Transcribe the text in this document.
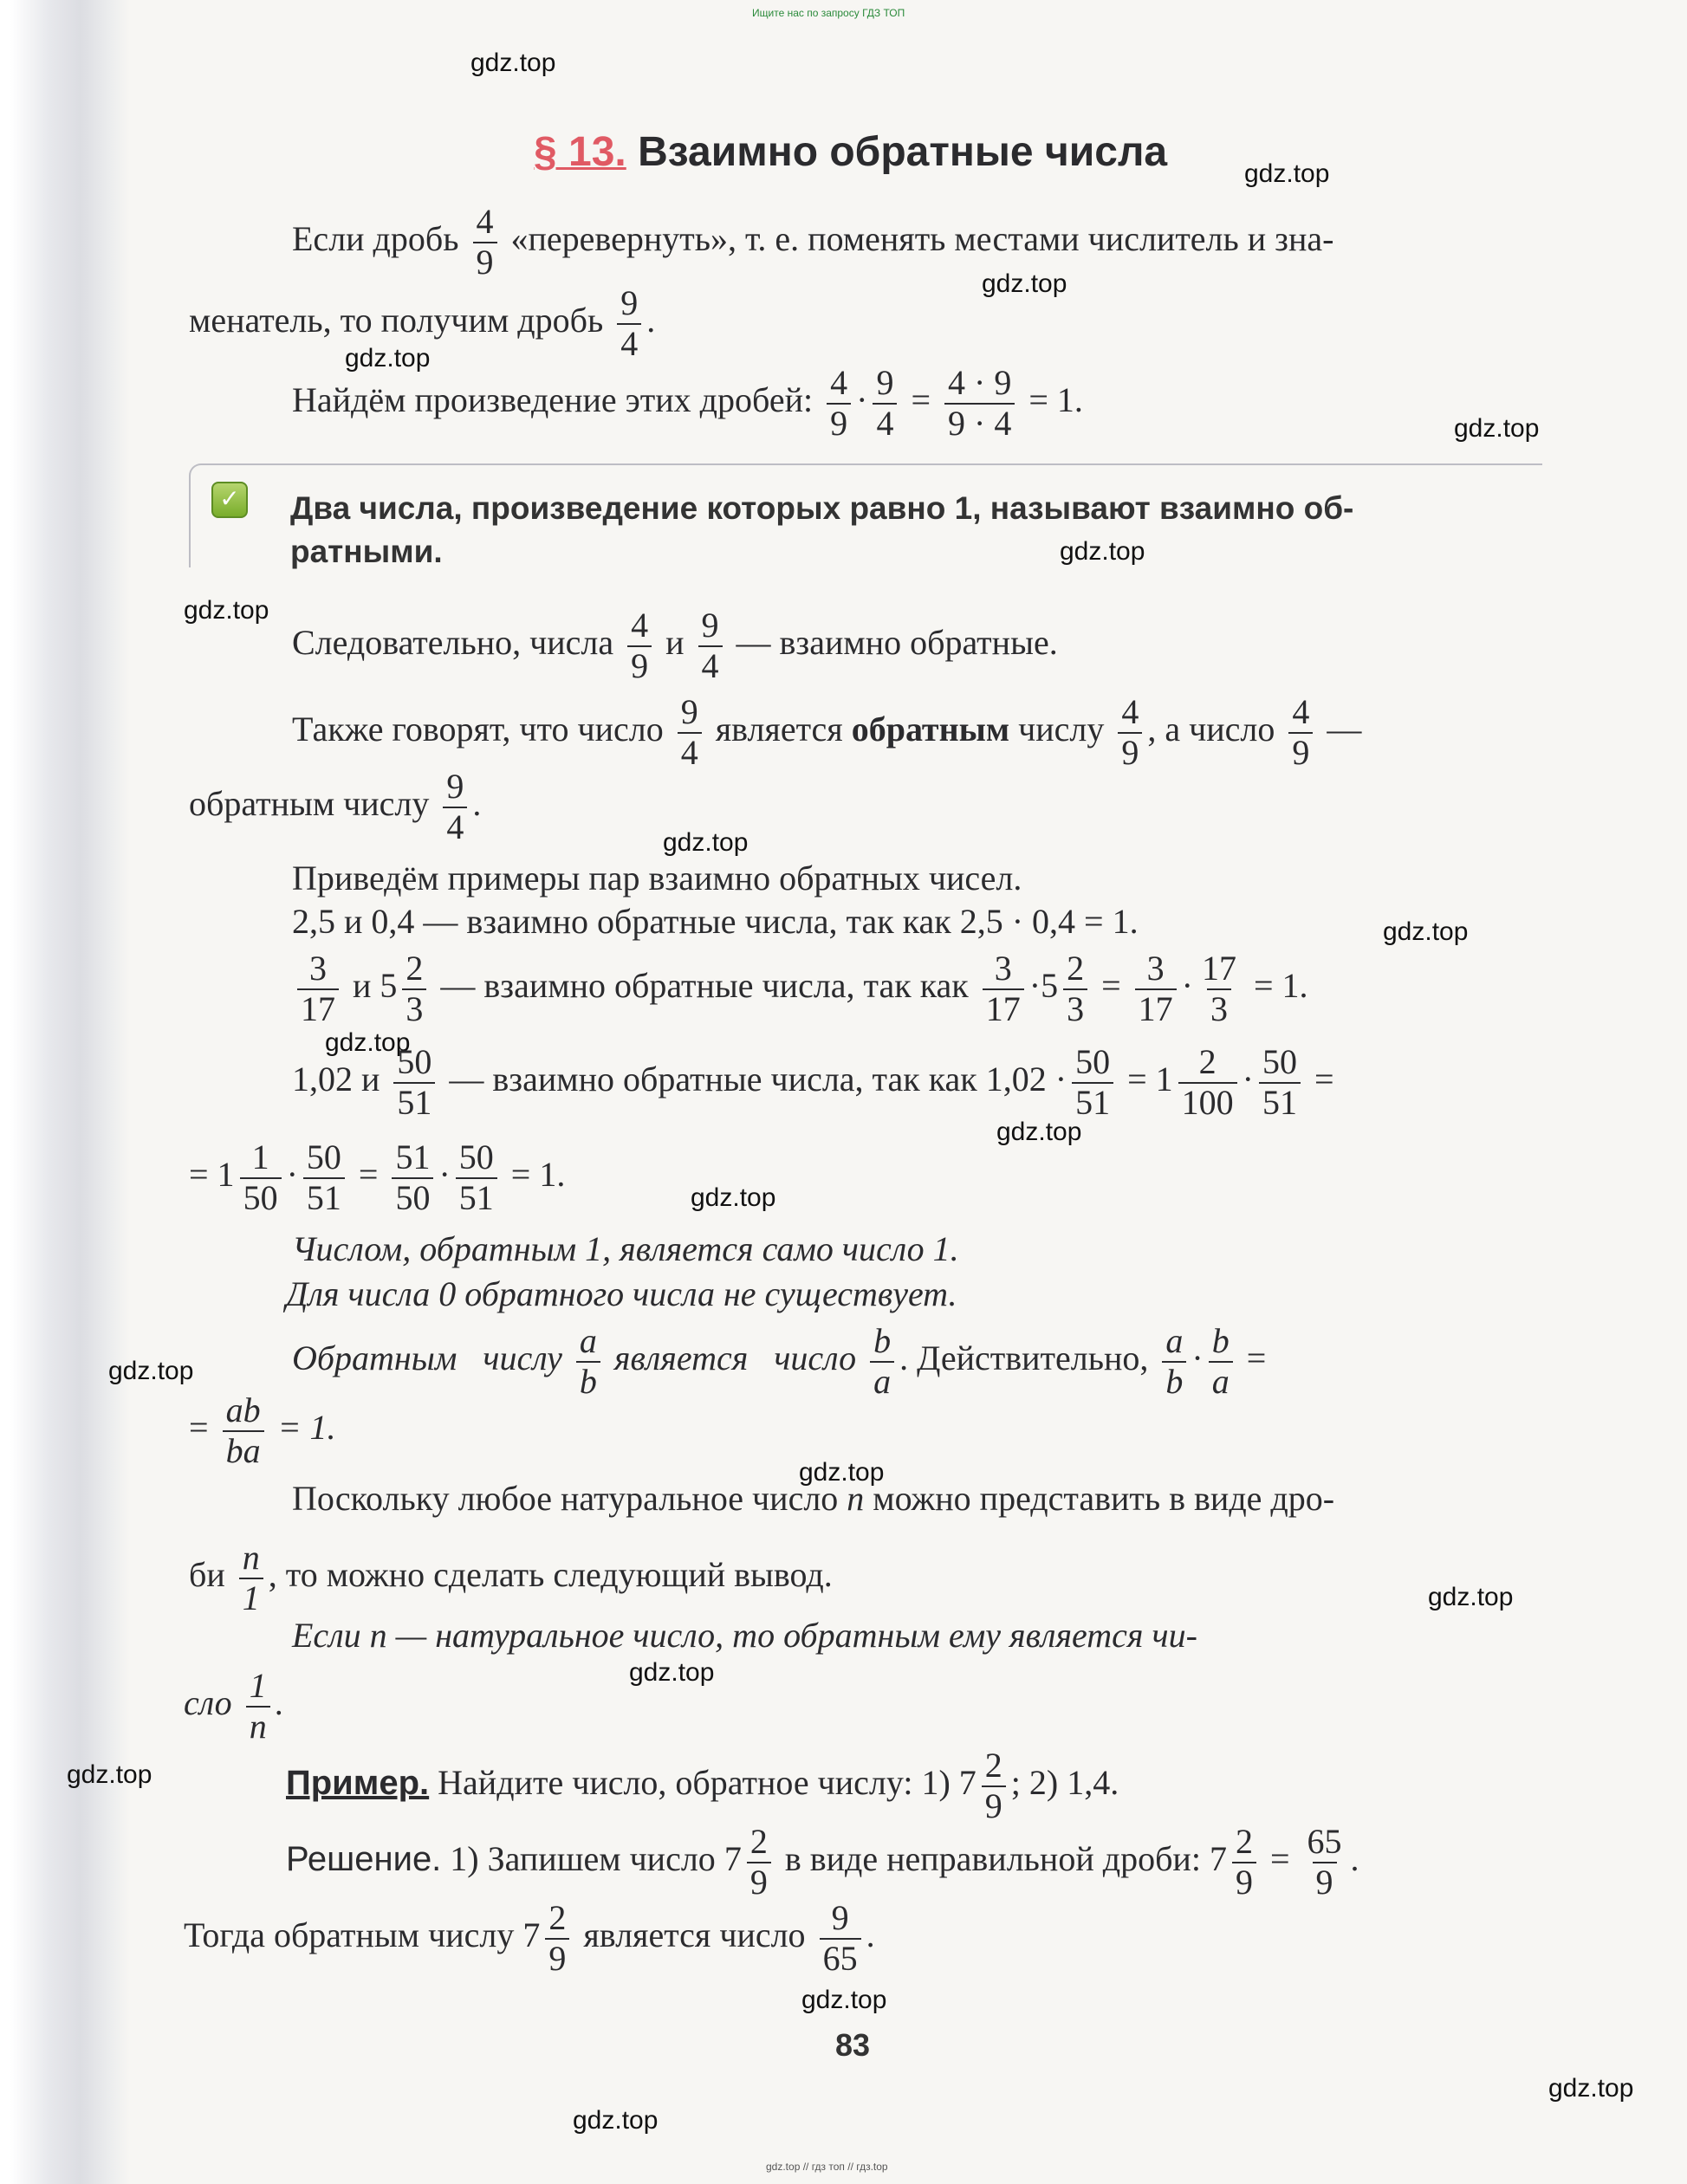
Ищите нас по запросу ГДЗ ТОП
gdz.top
gdz.top
gdz.top
gdz.top
gdz.top
gdz.top
gdz.top
gdz.top
gdz.top
gdz.top
gdz.top
gdz.top
gdz.top
gdz.top
gdz.top
gdz.top
gdz.top
gdz.top
gdz.top
gdz.top
§ 13. Взаимно обратные числа
Если дробь $\frac{4}{9}$ «перевернуть», т. е. поменять местами числитель и зна-
менатель, то получим дробь $\frac{9}{4}$ .
Найдём произведение этих дробей: $\frac{4}{9} \cdot \frac{9}{4} = \frac{4 \cdot 9}{9 \cdot 4} = 1$.
✓ Два числа, произведение которых равно 1, называют взаимно об-
ратными.
Следовательно, числа $\frac{4}{9}$ и $\frac{9}{4}$ — взаимно обратные.
Также говорят, что число $\frac{9}{4}$ является обратным числу $\frac{4}{9}$ , а число $\frac{4}{9}$ —
обратным числу $\frac{9}{4}$ .
Приведём примеры пар взаимно обратных чисел.
2,5 и 0,4 — взаимно обратные числа, так как 2,5 · 0,4 = 1.
$\frac{3}{17}$ и $5 \frac{2}{3}$ — взаимно обратные числа, так как $\frac{3}{17} \cdot 5 \frac{2}{3} = \frac{3}{17} \cdot \frac{17}{3} = 1$.
1,02 и $\frac{50}{51}$ — взаимно обратные числа, так как $1,02 \cdot \frac{50}{51} = 1 \frac{2}{100} \cdot \frac{50}{51}$ =
= $1 \frac{1}{50} \cdot \frac{50}{51} = \frac{51}{50} \cdot \frac{50}{51} = 1$.
Числом, обратным 1, является само число 1.
Для числа 0 обратного числа не существует.
Обратным числу $\frac{a}{b}$ является число $\frac{b}{a}$ . Действительно, $\frac{a}{b} \cdot \frac{b}{a}$ =
= $\frac{ab}{ba} = 1$.
Поскольку любое натуральное число n можно представить в виде дро-
би $\frac{n}{1}$ , то можно сделать следующий вывод.
Если n — натуральное число, то обратным ему является чи-
сло $\frac{1}{n}$ .
Пример. Найдите число, обратное числу: 1) $7 \frac{2}{9}$ ; 2) 1,4.
Решение. 1) Запишем число $7 \frac{2}{9}$ в виде неправильной дроби: $7 \frac{2}{9} = \frac{65}{9}$ .
Тогда обратным числу $7 \frac{2}{9}$ является число $\frac{9}{65}$ .
83
gdz.top // гдз топ // гдз.top
